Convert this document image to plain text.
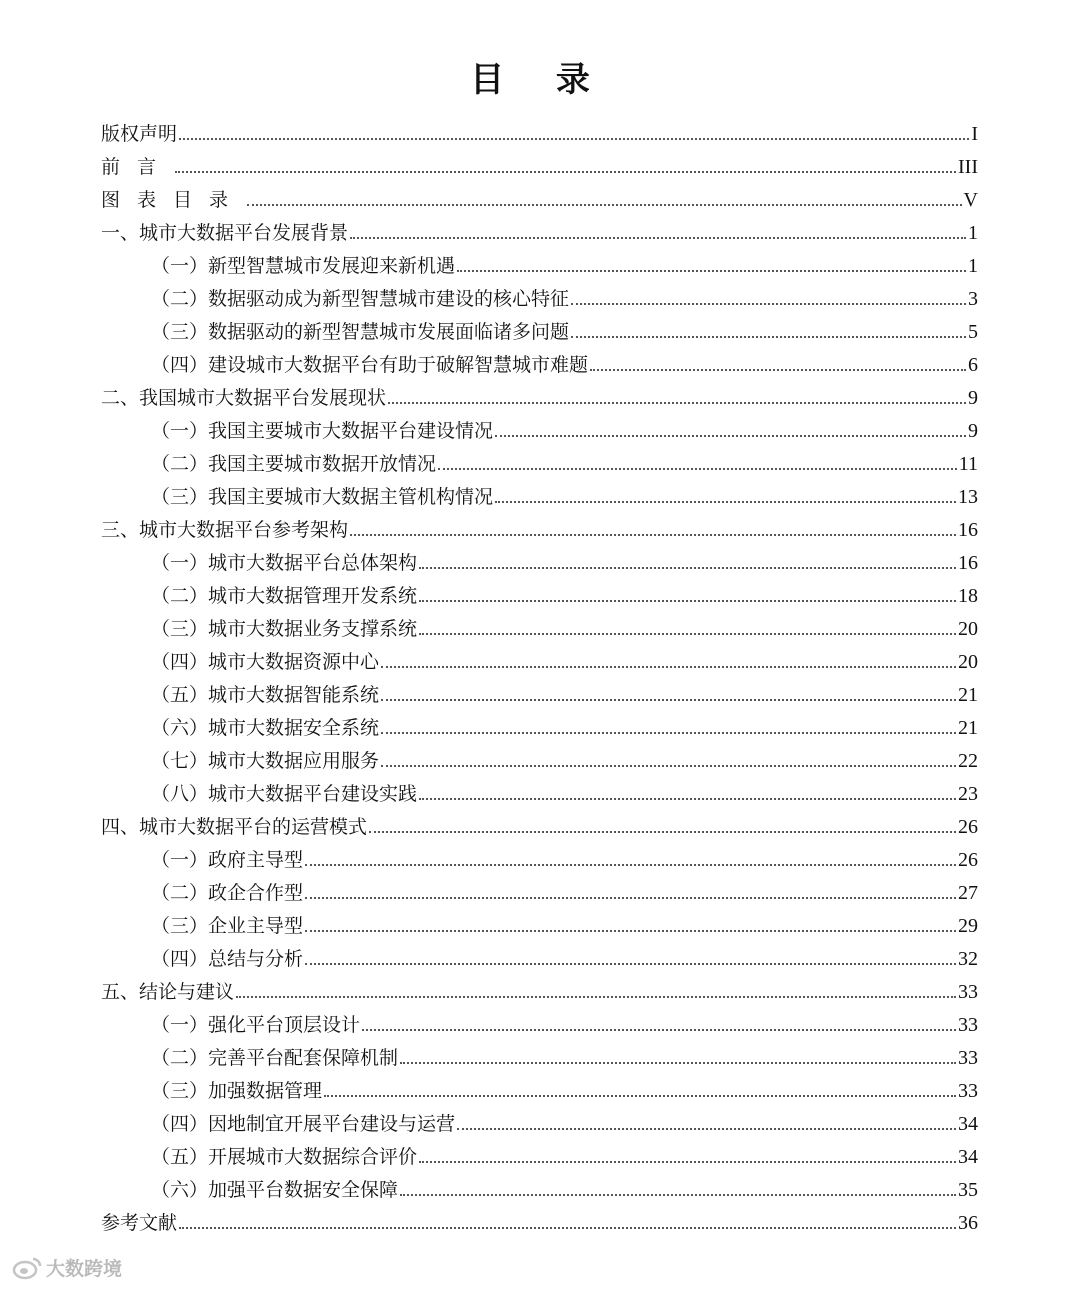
目 录
版权声明	I
前言	III
图表目录	V
一、城市大数据平台发展背景	1
（一）新型智慧城市发展迎来新机遇	1
（二）数据驱动成为新型智慧城市建设的核心特征	3
（三）数据驱动的新型智慧城市发展面临诸多问题	5
（四）建设城市大数据平台有助于破解智慧城市难题	6
二、我国城市大数据平台发展现状	9
（一）我国主要城市大数据平台建设情况	9
（二）我国主要城市数据开放情况	11
（三）我国主要城市大数据主管机构情况	13
三、城市大数据平台参考架构	16
（一）城市大数据平台总体架构	16
（二）城市大数据管理开发系统	18
（三）城市大数据业务支撑系统	20
（四）城市大数据资源中心	20
（五）城市大数据智能系统	21
（六）城市大数据安全系统	21
（七）城市大数据应用服务	22
（八）城市大数据平台建设实践	23
四、城市大数据平台的运营模式	26
（一）政府主导型	26
（二）政企合作型	27
（三）企业主导型	29
（四）总结与分析	32
五、结论与建议	33
（一）强化平台顶层设计	33
（二）完善平台配套保障机制	33
（三）加强数据管理	33
（四）因地制宜开展平台建设与运营	34
（五）开展城市大数据综合评价	34
（六）加强平台数据安全保障	35
参考文献	36
大数跨境
